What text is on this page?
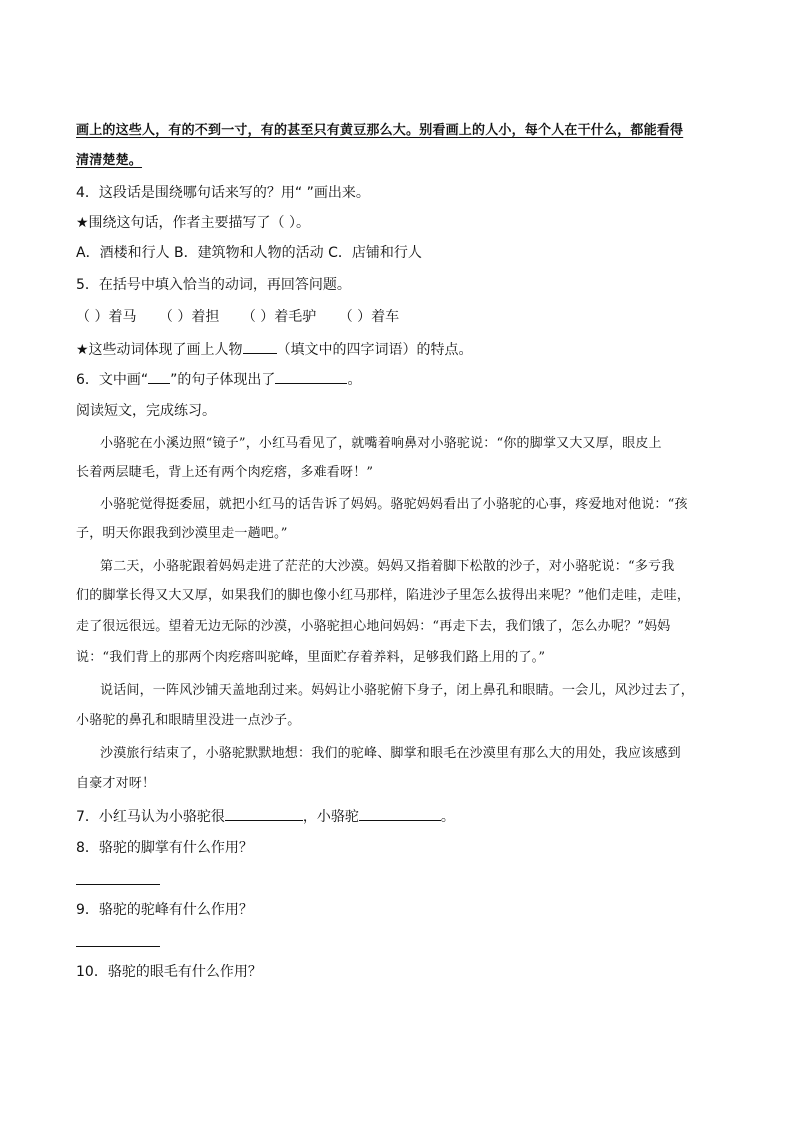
画上的这些人，有的不到一寸，有的甚至只有黄豆那么大。别看画上的人小，每个人在干什么，都能看得
清清楚楚。
4．这段话是围绕哪句话来写的？用“ ”画出来。
★围绕这句话，作者主要描写了（ ）。
A．酒楼和行人 B．建筑物和人物的活动 C．店铺和行人
5．在括号中填入恰当的动词，再回答问题。
（ ）着马 （ ）着担 （ ）着毛驴 （ ）着车
★这些动词体现了画上人物 （填文中的四字词语）的特点。
6．文中画“ ”的句子体现出了	。
阅读短文，完成练习。
小骆驼在小溪边照“镜子”，小红马看见了，就嘴着响鼻对小骆驼说：“你的脚掌又大又厚，眼皮上
长着两层睫毛，背上还有两个肉疙瘩，多难看呀！”
小骆驼觉得挺委屈，就把小红马的话告诉了妈妈。骆驼妈妈看出了小骆驼的心事，疼爱地对他说：“孩
子，明天你跟我到沙漠里走一趟吧。”
第二天，小骆驼跟着妈妈走进了茫茫的大沙漠。妈妈又指着脚下松散的沙子，对小骆驼说：“多亏我
们的脚掌长得又大又厚，如果我们的脚也像小红马那样，陷进沙子里怎么拔得出来呢？”他们走哇，走哇，
走了很远很远。望着无边无际的沙漠，小骆驼担心地问妈妈：“再走下去，我们饿了，怎么办呢？”妈妈
说：“我们背上的那两个肉疙瘩叫驼峰，里面贮存着养料，足够我们路上用的了。”
说话间，一阵风沙铺天盖地刮过来。妈妈让小骆驼俯下身子，闭上鼻孔和眼睛。一会儿，风沙过去了，
小骆驼的鼻孔和眼睛里没进一点沙子。
沙漠旅行结束了，小骆驼默默地想：我们的驼峰、脚掌和眼毛在沙漠里有那么大的用处，我应该感到
自豪才对呀！
7．小红马认为小骆驼很	，小骆驼	。
8．骆驼的脚掌有什么作用？
9．骆驼的驼峰有什么作用？
10．骆驼的眼毛有什么作用？
